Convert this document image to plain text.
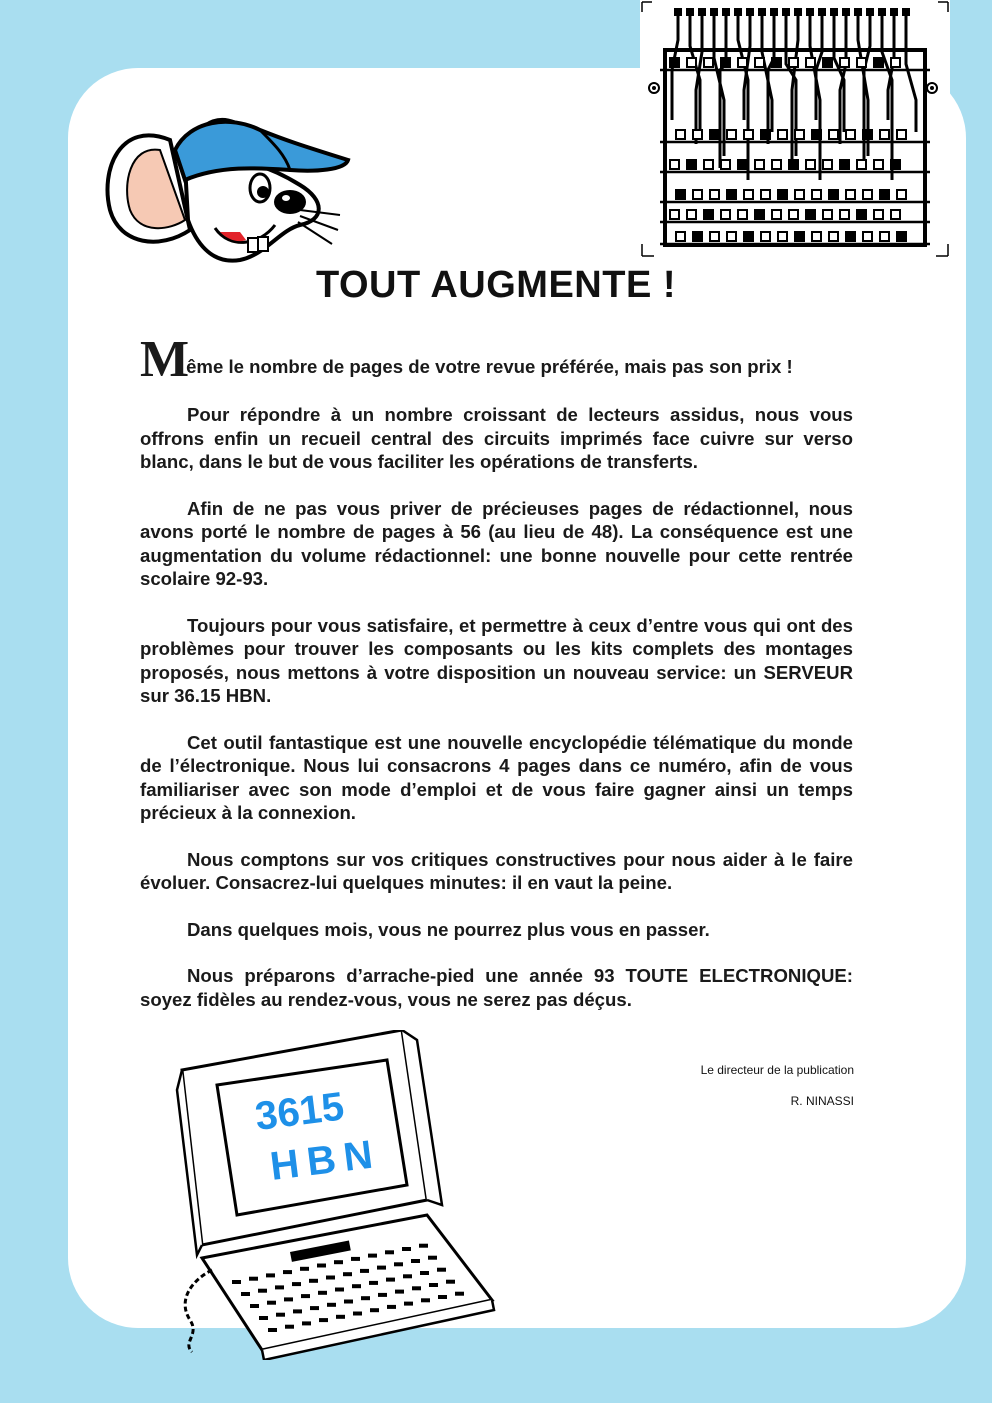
TOUT AUGMENTE !

Même le nombre de pages de votre revue préférée, mais pas son prix !

Pour répondre à un nombre croissant de lecteurs assidus, nous vous offrons enfin un recueil central des circuits imprimés face cuivre sur verso blanc, dans le but de vous faciliter les opérations de transferts.

Afin de ne pas vous priver de précieuses pages de rédactionnel, nous avons porté le nombre de pages à 56 (au lieu de 48). La conséquence est une augmentation du volume rédactionnel: une bonne nouvelle pour cette rentrée scolaire 92-93.

Toujours pour vous satisfaire, et permettre à ceux d’entre vous qui ont des problèmes pour trouver les composants ou les kits complets des montages proposés, nous mettons à votre disposition un nouveau service: un SERVEUR sur 36.15 HBN.

Cet outil fantastique est une nouvelle encyclopédie télématique du monde de l’électronique. Nous lui consacrons 4 pages dans ce numéro, afin de vous familiariser avec son mode d’emploi et de vous faire gagner ainsi un temps précieux à la connexion.

Nous comptons sur vos critiques constructives pour nous aider à le faire évoluer. Consacrez-lui quelques minutes: il en vaut la peine.

Dans quelques mois, vous ne pourrez plus vous en passer.

Nous préparons d’arrache-pied une année 93 TOUTE ELECTRONIQUE: soyez fidèles au rendez-vous, vous ne serez pas déçus.

Le directeur de la publication
R. NINASSI
3615
HBN
